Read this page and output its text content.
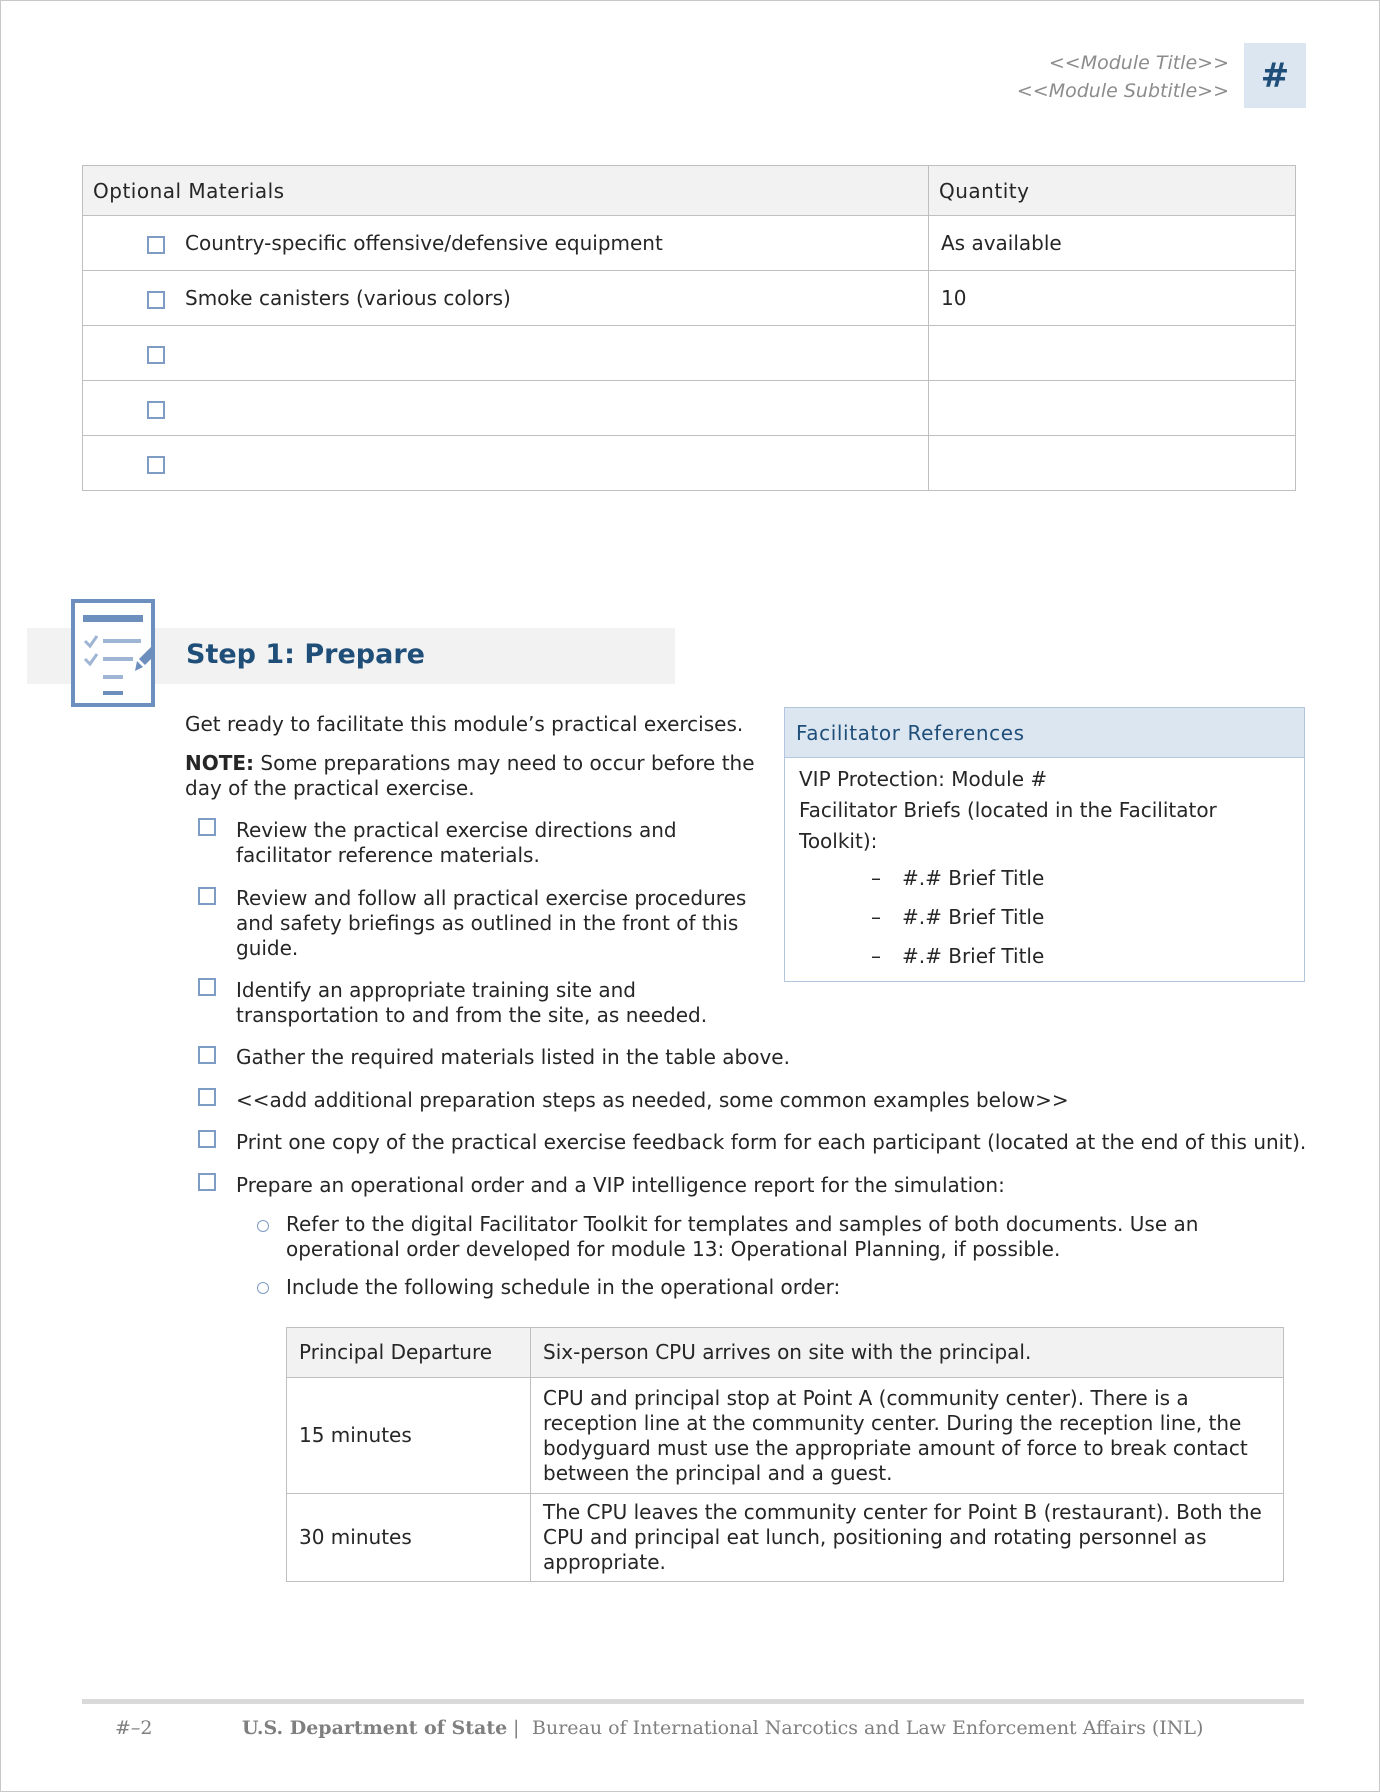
<<Module Title>>
<<Module Subtitle>> #
Optional Materials	Quantity
Country-specific offensive/defensive equipment	As available
Smoke canisters (various colors)	10

Step 1: Prepare
Facilitator References
VIP Protection: Module #
Facilitator Briefs (located in the Facilitator Toolkit):
– #.# Brief Title
– #.# Brief Title
– #.# Brief Title
Get ready to facilitate this module’s practical exercises.
NOTE: Some preparations may need to occur before the day of the practical exercise.
Review the practical exercise directions and facilitator reference materials.
Review and follow all practical exercise procedures and safety briefings as outlined in the front of this guide.
Identify an appropriate training site and transportation to and from the site, as needed.
Gather the required materials listed in the table above.
<<add additional preparation steps as needed, some common examples below>>
Print one copy of the practical exercise feedback form for each participant (located at the end of this unit).
Prepare an operational order and a VIP intelligence report for the simulation:
Refer to the digital Facilitator Toolkit for templates and samples of both documents. Use an operational order developed for module 13: Operational Planning, if possible.
Include the following schedule in the operational order:
Principal Departure	Six-person CPU arrives on site with the principal.
15 minutes	CPU and principal stop at Point A (community center). There is a reception line at the community center. During the reception line, the bodyguard must use the appropriate amount of force to break contact between the principal and a guest.
30 minutes	The CPU leaves the community center for Point B (restaurant). Both the CPU and principal eat lunch, positioning and rotating personnel as appropriate.
#–2	U.S. Department of State | Bureau of International Narcotics and Law Enforcement Affairs (INL)
